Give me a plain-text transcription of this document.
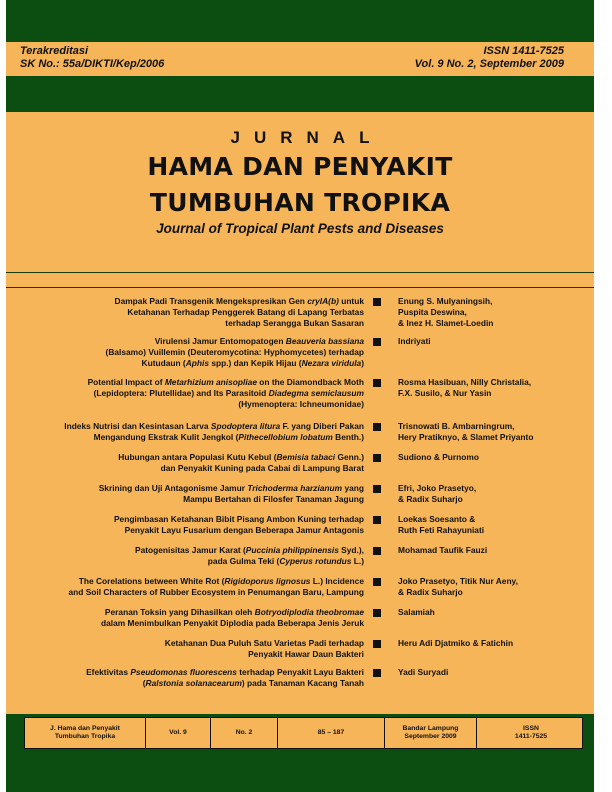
Terakreditasi
SK No.: 55a/DIKTI/Kep/2006
ISSN 1411-7525
Vol. 9 No. 2, September 2009
JURNAL
HAMA DAN PENYAKIT
TUMBUHAN TROPIKA
Journal of Tropical Plant Pests and Diseases
Dampak Padi Transgenik Mengekspresikan Gen cryIA(b) untuk
Ketahanan Terhadap Penggerek Batang di Lapang Terbatas
terhadap Serangga Bukan Sasaran
Enung S. Mulyaningsih,
Puspita Deswina,
& Inez H. Slamet-Loedin
Virulensi Jamur Entomopatogen Beauveria bassiana
(Balsamo) Vuillemin (Deuteromycotina: Hyphomycetes) terhadap
Kutudaun (Aphis spp.) dan Kepik Hijau (Nezara viridula)
Indriyati
Potential Impact of Metarhizium anisopliae on the Diamondback Moth
(Lepidoptera: Plutellidae) and Its Parasitoid Diadegma semiclausum
(Hymenoptera: Ichneumonidae)
Rosma Hasibuan, Nilly Christalia,
F.X. Susilo, & Nur Yasin
Indeks Nutrisi dan Kesintasan Larva Spodoptera litura F. yang Diberi Pakan
Mengandung Ekstrak Kulit Jengkol (Pithecellobium lobatum Benth.)
Trisnowati B. Ambarningrum,
Hery Pratiknyo, & Slamet Priyanto
Hubungan antara Populasi Kutu Kebul (Bemisia tabaci Genn.)
dan Penyakit Kuning pada Cabai di Lampung Barat
Sudiono & Purnomo
Skrining dan Uji Antagonisme Jamur Trichoderma harzianum yang
Mampu Bertahan di Filosfer Tanaman Jagung
Efri, Joko Prasetyo,
& Radix Suharjo
Pengimbasan Ketahanan Bibit Pisang Ambon Kuning terhadap
Penyakit Layu Fusarium dengan Beberapa Jamur Antagonis
Loekas Soesanto &
Ruth Feti Rahayuniati
Patogenisitas Jamur Karat (Puccinia philippinensis Syd.),
pada Gulma Teki (Cyperus rotundus L.)
Mohamad Taufik Fauzi
The Corelations between White Rot (Rigidoporus lignosus L.) Incidence
and Soil Characters of Rubber Ecosystem in Penumangan Baru, Lampung
Joko Prasetyo, Titik Nur Aeny,
& Radix Suharjo
Peranan Toksin yang Dihasilkan oleh Botryodiplodia theobromae
dalam Menimbulkan Penyakit Diplodia pada Beberapa Jenis Jeruk
Salamiah
Ketahanan Dua Puluh Satu Varietas Padi terhadap
Penyakit Hawar Daun Bakteri
Heru Adi Djatmiko & Fatichin
Efektivitas Pseudomonas fluorescens terhadap Penyakit Layu Bakteri
(Ralstonia solanacearum) pada Tanaman Kacang Tanah
Yadi Suryadi
J. Hama dan Penyakit
Tumbuhan Tropika
Vol. 9	No. 2	85 – 187
Bandar Lampung
September 2009
ISSN
1411-7525
